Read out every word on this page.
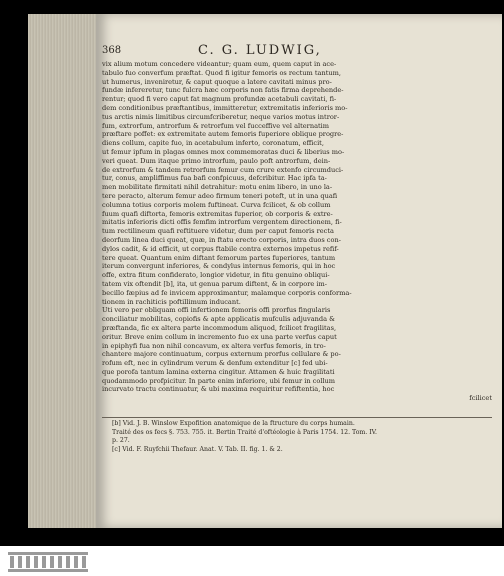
368	C. G. LUDWIG,
vix alium motum concedere videantur; quam eum, quem caput in ace-
tabulo fuo converfum præftat. Quod fi igitur femoris os rectum tantum,
ut humerus, inveniretur, & caput quoque a latere cavitati minus pro-
fundæ infereretur, tunc fulcra hæc corporis non fatis firma deprehende-
rentur; quod fi vero caput fat magnum profundæ acetabuli cavitati, fi-
dem conditionibus præftantibus, immitteretur, extremitatis inferioris mo-
tus arctis nimis limitibus circumfcriberetur, neque varios motus intror-
fum, extrorfum, antrorfum & retrorfum vel fucceffive vel alternatim
præftare poffet: ex extremitate autem femoris fuperiore oblique progre-
diens collum, capite fuo, in acetabulum inferto, coronatum, efficit,
ut femur ipfum in plagas omnes mox commemoratas duci & liberius mo-
veri queat. Dum itaque primo introrfum, paulo poft antrorfum, dein-
de extrorfum & tandem retrorfum femur cum crure extenfo circumduci-
tur, conus, ampliffimus fua bafi confpicuus, defcribitur. Hac ipfa ta-
men mobilitate firmitati nihil detrahitur: motu enim libero, in uno la-
tere peracto, alterum femur adeo firmum teneri poteft, ut in una quafi
columna totius corporis molem fuftineat. Curva fcilicet, & ob collum
fuum quafi diftorta, femoris extremitas fuperior, ob corporis & extre-
mitatis inferioris dicti offis femfim introrfum vergentem directionem, fi-
tum rectilineum quafi reftituere videtur, dum per caput femoris recta
deorfum linea duci queat, quæ, in ftatu erecto corporis, intra duos con-
dylos cadit, & id efficit, ut corpus ftabile contra externos impetus refif-
tere queat. Quantum enim diftant femorum partes fuperiores, tantum
iterum convergunt inferiores, & condylus internus femoris, qui in hoc
offe, extra fitum confiderato, longior videtur, in fitu genuino obliqui-
tatem vix oftendit [b], ita, ut genua parum diftent, & in corpore im-
becillo fæpius ad fe invicem approximantur, malamque corporis conforma-
tionem in rachiticis poftillimum inducant.
Uti vero per obliquam offi infertionem femoris offi prorfus fingularis
conciliatur mobilitas, copiofis & apte applicatis mufculis adjuvanda &
præftanda, fic ex altera parte incommodum aliquod, fcilicet fragilitas,
oritur. Breve enim collum in incremento fuo ex una parte verfus caput
in epiphyfi fua non nihil concavum, ex altera verfus femoris, in tro-
chantere majore continuatum, corpus externum prorfus cellulare & po-
rofum eft, nec in cylindrum verum & denfum extenditur [c] fed ubi-
que porofa tantum lamina externa cingitur. Attamen & huic fragilitati
quodammodo profpicitur. In parte enim inferiore, ubi femur in collum
incurvato tractu continuatur, & ubi maxima requiritur refiftentia, hoc
fcilicet
[b] Vid. J. B. Winslow Expofition anatomique de la ftructure du corps humain.
Traité des os fecs §. 753. 755. it. Bertin Traité d'oftéologie à Paris 1754. 12. Tom. IV.
p. 27.
[c] Vid. F. Ruyfchii Thefaur. Anat. V. Tab. II. fig. 1. & 2.
